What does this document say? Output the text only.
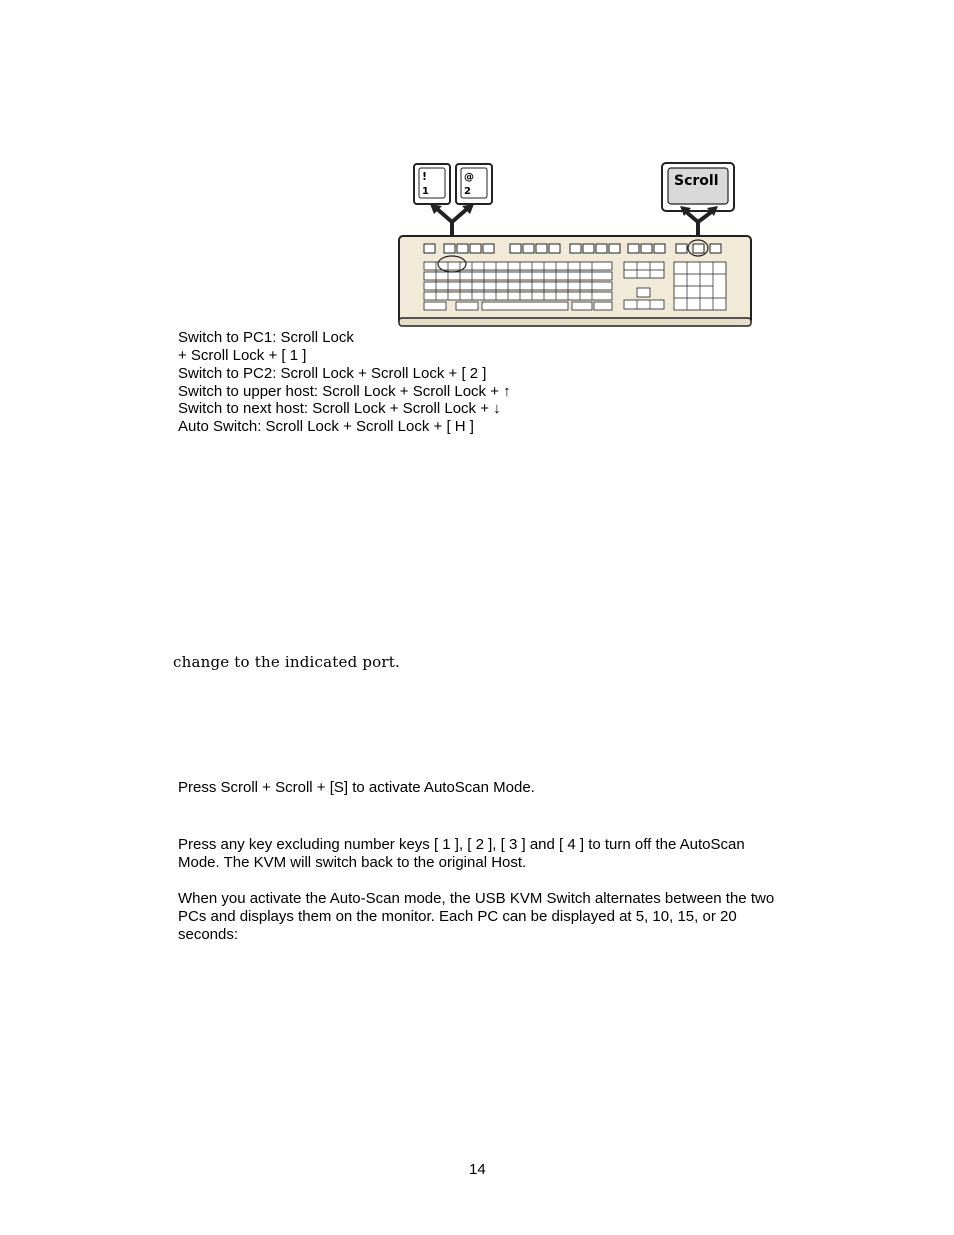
!
1
@
2
Scroll
Switch to PC1: Scroll Lock
+ Scroll Lock + [ 1 ]
Switch to PC2: Scroll Lock + Scroll Lock + [ 2 ]
Switch to upper host: Scroll Lock + Scroll Lock + ↑
Switch to next host: Scroll Lock + Scroll Lock + ↓
Auto Switch: Scroll Lock + Scroll Lock + [ H ]
change to the indicated port.
Press Scroll + Scroll + [S] to activate AutoScan Mode.
Press any key excluding number keys [ 1 ], [ 2 ], [ 3 ] and [ 4 ] to turn off the AutoScan
Mode. The KVM will switch back to the original Host.
When you activate the Auto-Scan mode, the USB KVM Switch alternates between the two
PCs and displays them on the monitor. Each PC can be displayed at 5, 10, 15, or 20
seconds:
14
